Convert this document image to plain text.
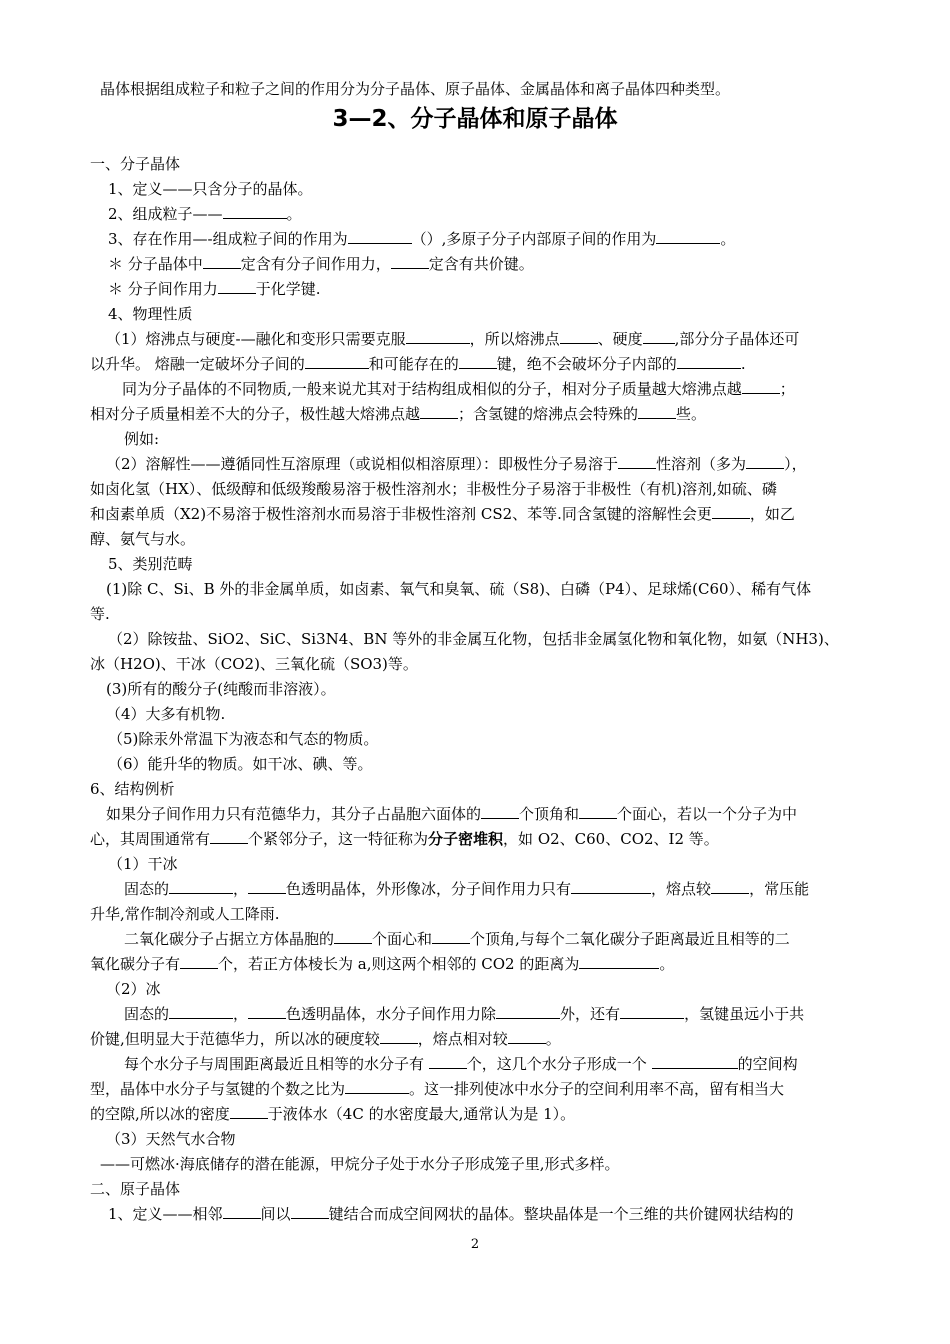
晶体根据组成粒子和粒子之间的作用分为分子晶体、原子晶体、金属晶体和离子晶体四种类型。
3—2、分子晶体和原子晶体
一、分子晶体
1、定义——只含分子的晶体。
2、组成粒子——	。
3、存在作用—-组成粒子间的作用为	（）,多原子分子内部原子间的作用为	。
＊ 分子晶体中	定含有分子间作用力，	定含有共价键。
＊ 分子间作用力	于化学键.
4、物理性质
（1）熔沸点与硬度-—融化和变形只需要克服	，所以熔沸点	、硬度 ,部分分子晶体还可
以升华。 熔融一定破坏分子间的	和可能存在的	键，绝不会破坏分子内部的	.
同为分子晶体的不同物质,一般来说尤其对于结构组成相似的分子，相对分子质量越大熔沸点越	；
相对分子质量相差不大的分子，极性越大熔沸点越	；含氢键的熔沸点会特殊的	些。
例如:
（2）溶解性——遵循同性互溶原理（或说相似相溶原理）：即极性分子易溶于	性溶剂（多为	），
如卤化氢（HX）、低级醇和低级羧酸易溶于极性溶剂水；非极性分子易溶于非极性（有机)溶剂,如硫、磷
和卤素单质（X2)不易溶于极性溶剂水而易溶于非极性溶剂 CS2、苯等.同含氢键的溶解性会更	，如乙
醇、氨气与水。
5、类别范畴
(1)除 C、Si、B 外的非金属单质，如卤素、氧气和臭氧、硫（S8)、白磷（P4）、足球烯(C60）、稀有气体
等.
（2）除铵盐、SiO2、SiC、Si3N4、BN 等外的非金属互化物，包括非金属氢化物和氧化物，如氨（NH3)、
冰（H2O)、干冰（CO2)、三氧化硫（SO3)等。
(3)所有的酸分子(纯酸而非溶液）。
（4）大多有机物.
（5)除汞外常温下为液态和气态的物质。
（6）能升华的物质。如干冰、碘、等。
6、结构例析
如果分子间作用力只有范德华力，其分子占晶胞六面体的	个顶角和	个面心，若以一个分子为中
心，其周围通常有	个紧邻分子，这一特征称为分子密堆积，如 O2、C60、CO2、I2 等。
（1）干冰
固态的	，	色透明晶体，外形像冰，分子间作用力只有	，熔点较	，常压能
升华,常作制冷剂或人工降雨.
二氧化碳分子占据立方体晶胞的	个面心和	个顶角,与每个二氧化碳分子距离最近且相等的二
氧化碳分子有	个，若正方体棱长为 a,则这两个相邻的 CO2 的距离为	。
（2）冰
固态的	，	色透明晶体，水分子间作用力除	外，还有	，氢键虽远小于共
价键,但明显大于范德华力，所以冰的硬度较	，熔点相对较	。
每个水分子与周围距离最近且相等的水分子有	个，这几个水分子形成一个	的空间构
型，晶体中水分子与氢键的个数之比为	。这一排列使冰中水分子的空间利用率不高，留有相当大
的空隙,所以冰的密度	于液体水（4C 的水密度最大,通常认为是 1）。
（3）天然气水合物
——可燃冰·海底储存的潜在能源，甲烷分子处于水分子形成笼子里,形式多样。
二、原子晶体
1、定义——相邻	间以	键结合而成空间网状的晶体。整块晶体是一个三维的共价键网状结构的
2
